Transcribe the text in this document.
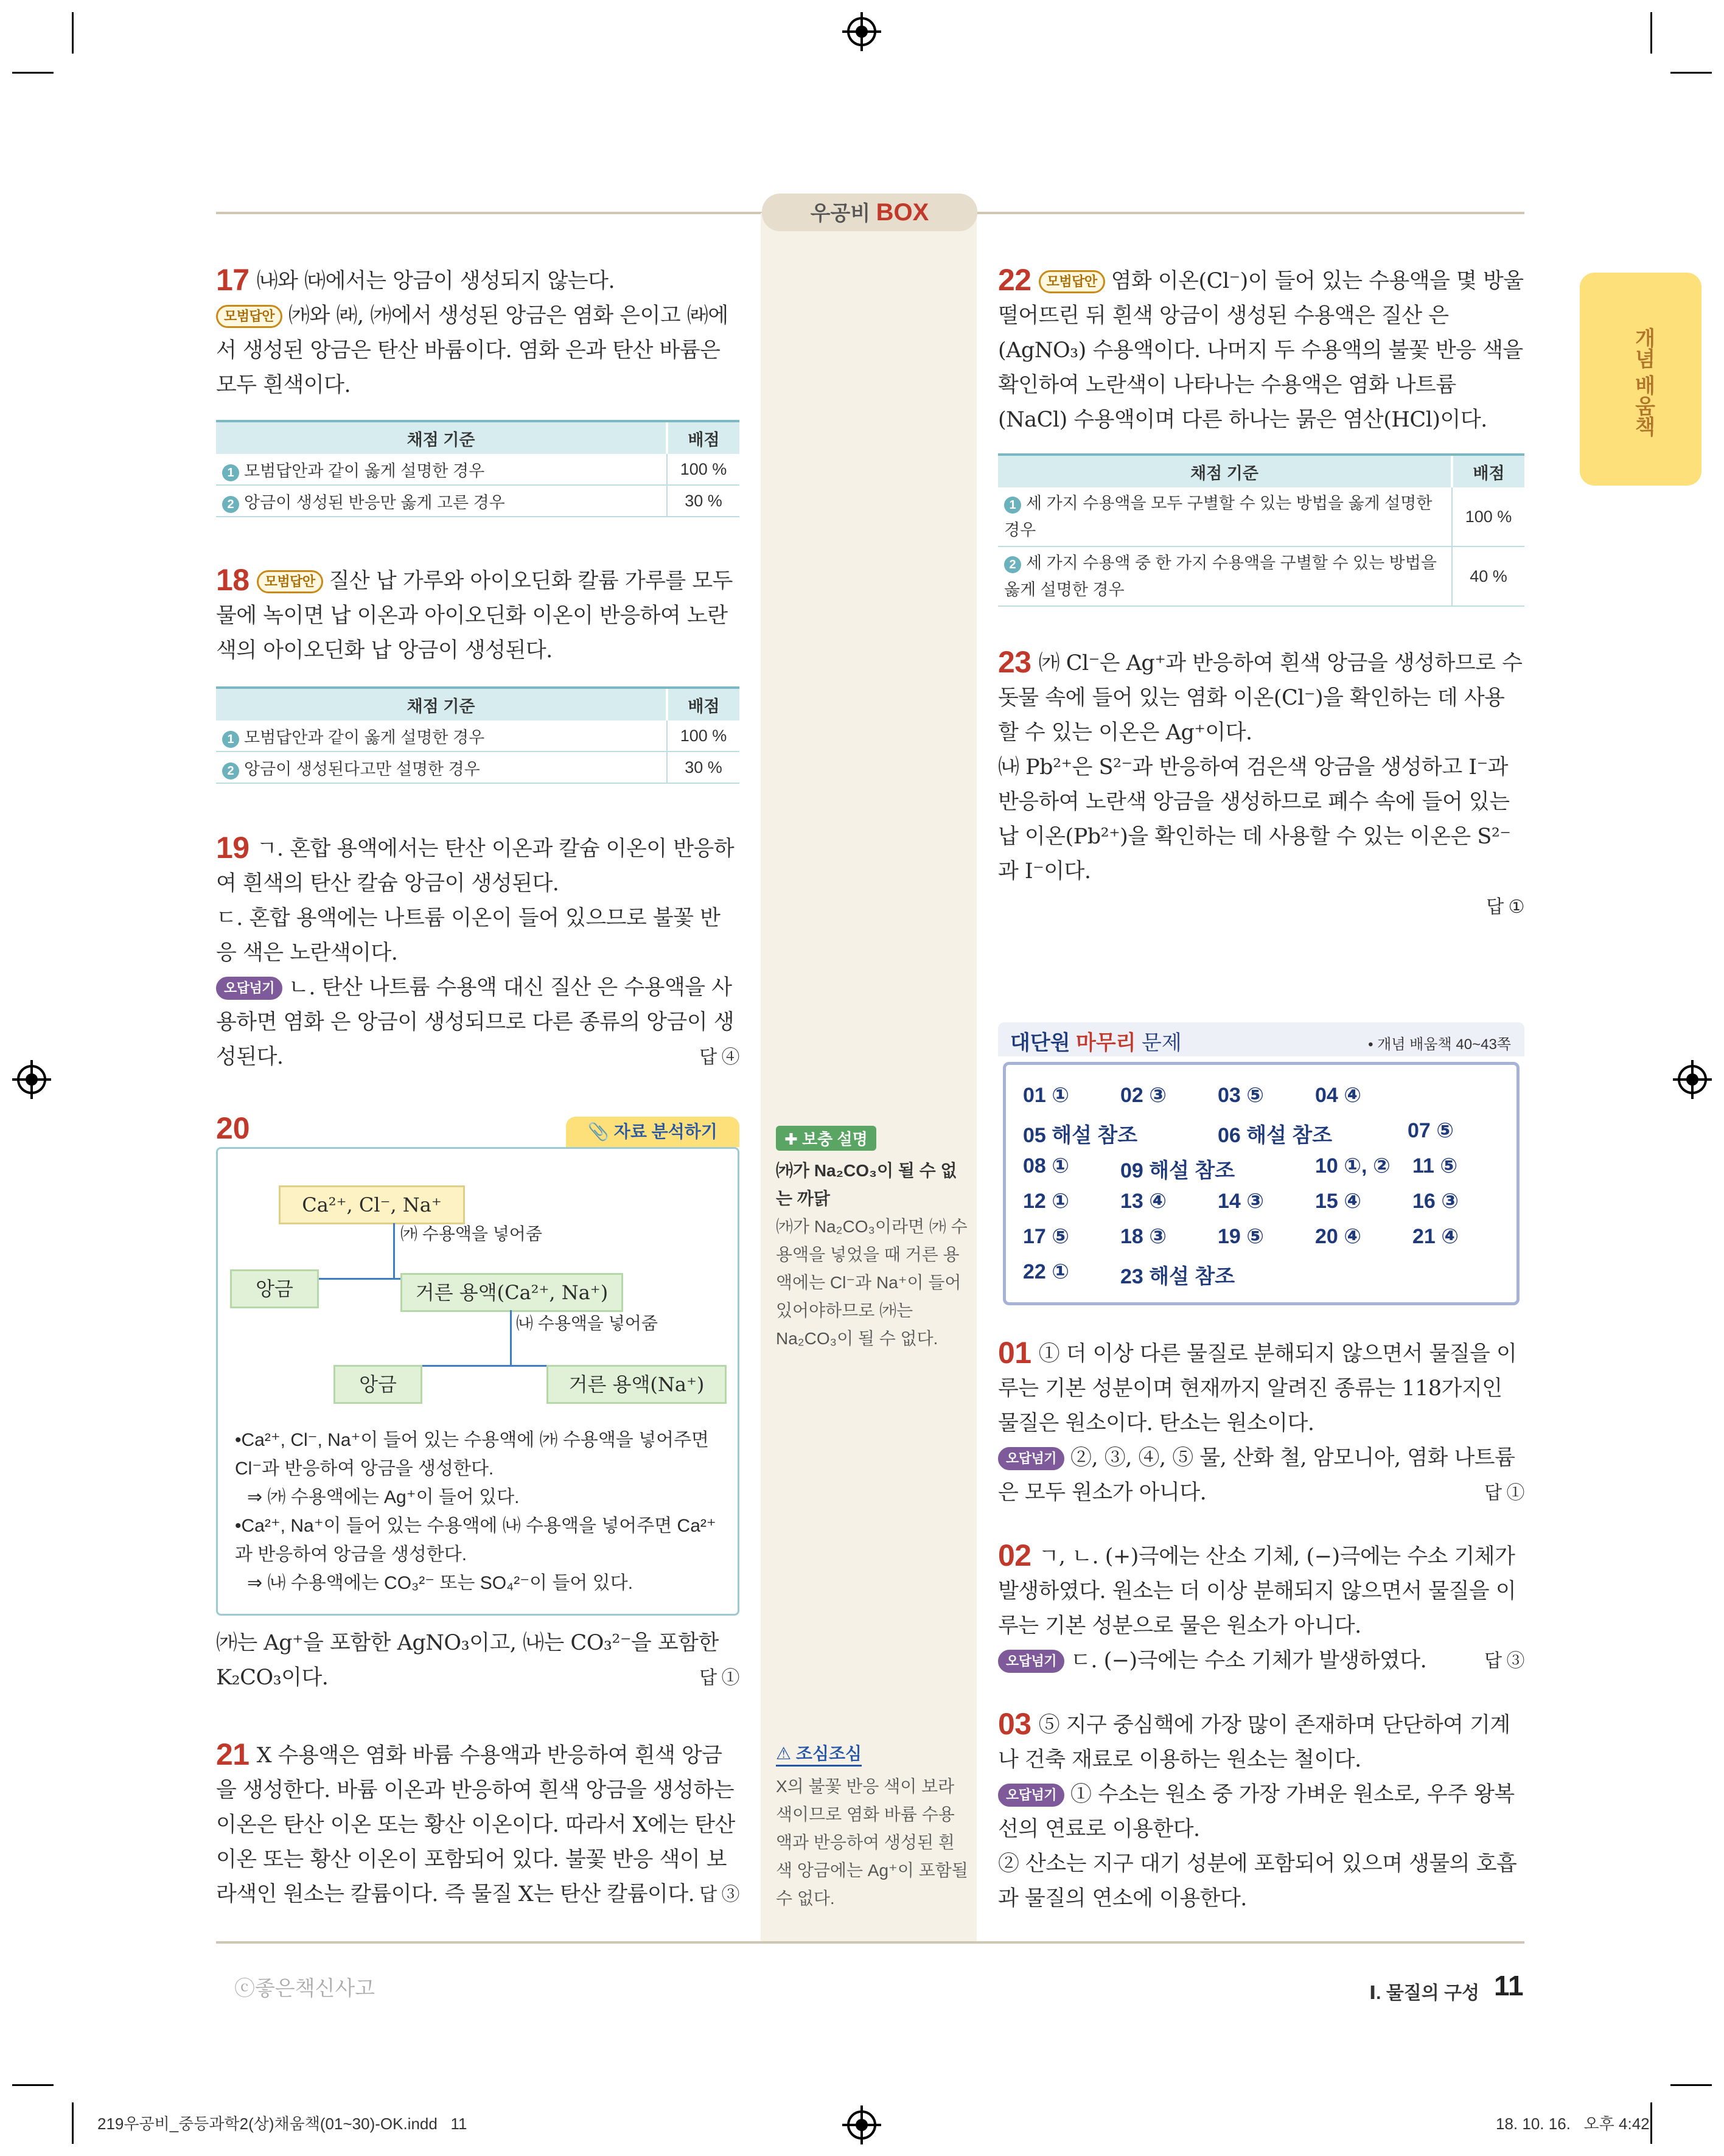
우공비 BOX
개념 배움책
17 ㈏와 ㈐에서는 앙금이 생성되지 않는다.
모범답안 ㈎와 ㈑, ㈎에서 생성된 앙금은 염화 은이고 ㈑에서 생성된 앙금은 탄산 바륨이다. 염화 은과 탄산 바륨은 모두 흰색이다.
채점 기준	배점
1 모범답안과 같이 옳게 설명한 경우	100 %
2 앙금이 생성된 반응만 옳게 고른 경우	30 %
18 모범답안 질산 납 가루와 아이오딘화 칼륨 가루를 모두 물에 녹이면 납 이온과 아이오딘화 이온이 반응하여 노란색의 아이오딘화 납 앙금이 생성된다.
채점 기준	배점
1 모범답안과 같이 옳게 설명한 경우	100 %
2 앙금이 생성된다고만 설명한 경우	30 %
19 ㄱ. 혼합 용액에서는 탄산 이온과 칼슘 이온이 반응하여 흰색의 탄산 칼슘 앙금이 생성된다.
ㄷ. 혼합 용액에는 나트륨 이온이 들어 있으므로 불꽃 반응 색은 노란색이다.
오답넘기 ㄴ. 탄산 나트륨 수용액 대신 질산 은 수용액을 사용하면 염화 은 앙금이 생성되므로 다른 종류의 앙금이 생성된다.	답 ④
20	📎 자료 분석하기
Ca²⁺, Cl⁻, Na⁺
㈎ 수용액을 넣어줌
앙금	거른 용액(Ca²⁺, Na⁺)
㈏ 수용액을 넣어줌
앙금	거른 용액(Na⁺)
•Ca²⁺, Cl⁻, Na⁺이 들어 있는 수용액에 ㈎ 수용액을 넣어주면 Cl⁻과 반응하여 앙금을 생성한다.
⇒ ㈎ 수용액에는 Ag⁺이 들어 있다.
•Ca²⁺, Na⁺이 들어 있는 수용액에 ㈏ 수용액을 넣어주면 Ca²⁺과 반응하여 앙금을 생성한다.
⇒ ㈏ 수용액에는 CO₃²⁻ 또는 SO₄²⁻이 들어 있다.
㈎는 Ag⁺을 포함한 AgNO₃이고, ㈏는 CO₃²⁻을 포함한 K₂CO₃이다.	답 ①
21 X 수용액은 염화 바륨 수용액과 반응하여 흰색 앙금을 생성한다. 바륨 이온과 반응하여 흰색 앙금을 생성하는 이온은 탄산 이온 또는 황산 이온이다. 따라서 X에는 탄산 이온 또는 황산 이온이 포함되어 있다. 불꽃 반응 색이 보라색인 원소는 칼륨이다. 즉 물질 X는 탄산 칼륨이다. 답 ③
✚ 보충 설명
㈎가 Na₂CO₃이 될 수 없는 까닭
㈎가 Na₂CO₃이라면 ㈎ 수용액을 넣었을 때 거른 용액에는 Cl⁻과 Na⁺이 들어 있어야하므로 ㈎는 Na₂CO₃이 될 수 없다.
⚠ 조심조심
X의 불꽃 반응 색이 보라색이므로 염화 바륨 수용액과 반응하여 생성된 흰색 앙금에는 Ag⁺이 포함될 수 없다.
22 모범답안 염화 이온(Cl⁻)이 들어 있는 수용액을 몇 방울 떨어뜨린 뒤 흰색 앙금이 생성된 수용액은 질산 은(AgNO₃) 수용액이다. 나머지 두 수용액의 불꽃 반응 색을 확인하여 노란색이 나타나는 수용액은 염화 나트륨(NaCl) 수용액이며 다른 하나는 묽은 염산(HCl)이다.
채점 기준	배점
1 세 가지 수용액을 모두 구별할 수 있는 방법을 옳게 설명한 경우	100 %
2 세 가지 수용액 중 한 가지 수용액을 구별할 수 있는 방법을 옳게 설명한 경우	40 %
23 ㈎ Cl⁻은 Ag⁺과 반응하여 흰색 앙금을 생성하므로 수돗물 속에 들어 있는 염화 이온(Cl⁻)을 확인하는 데 사용할 수 있는 이온은 Ag⁺이다.
㈏ Pb²⁺은 S²⁻과 반응하여 검은색 앙금을 생성하고 I⁻과 반응하여 노란색 앙금을 생성하므로 폐수 속에 들어 있는 납 이온(Pb²⁺)을 확인하는 데 사용할 수 있는 이온은 S²⁻과 I⁻이다.
답 ①
대단원 마무리 문제	• 개념 배움책 40~43쪽
01 ① 02 ③ 03 ⑤ 04 ④
05 해설 참조	06 해설 참조	07 ⑤
08 ① 09 해설 참조	10 ①, ② 11 ⑤
12 ① 13 ④ 14 ③ 15 ④ 16 ③
17 ⑤ 18 ③ 19 ⑤ 20 ④ 21 ④
22 ① 23 해설 참조
01 ① 더 이상 다른 물질로 분해되지 않으면서 물질을 이루는 기본 성분이며 현재까지 알려진 종류는 118가지인 물질은 원소이다. 탄소는 원소이다.
오답넘기 ②, ③, ④, ⑤ 물, 산화 철, 암모니아, 염화 나트륨은 모두 원소가 아니다.	답 ①
02 ㄱ, ㄴ. (+)극에는 산소 기체, (−)극에는 수소 기체가 발생하였다. 원소는 더 이상 분해되지 않으면서 물질을 이루는 기본 성분으로 물은 원소가 아니다.
오답넘기 ㄷ. (−)극에는 수소 기체가 발생하였다.	답 ③
03 ⑤ 지구 중심핵에 가장 많이 존재하며 단단하여 기계나 건축 재료로 이용하는 원소는 철이다.
오답넘기 ① 수소는 원소 중 가장 가벼운 원소로, 우주 왕복선의 연료로 이용한다.
② 산소는 지구 대기 성분에 포함되어 있으며 생물의 호흡과 물질의 연소에 이용한다.
ⓒ좋은책신사고	Ⅰ. 물질의 구성 11
219우공비_중등과학2(상)채움책(01~30)-OK.indd   11	18. 10. 16.   오후 4:42
